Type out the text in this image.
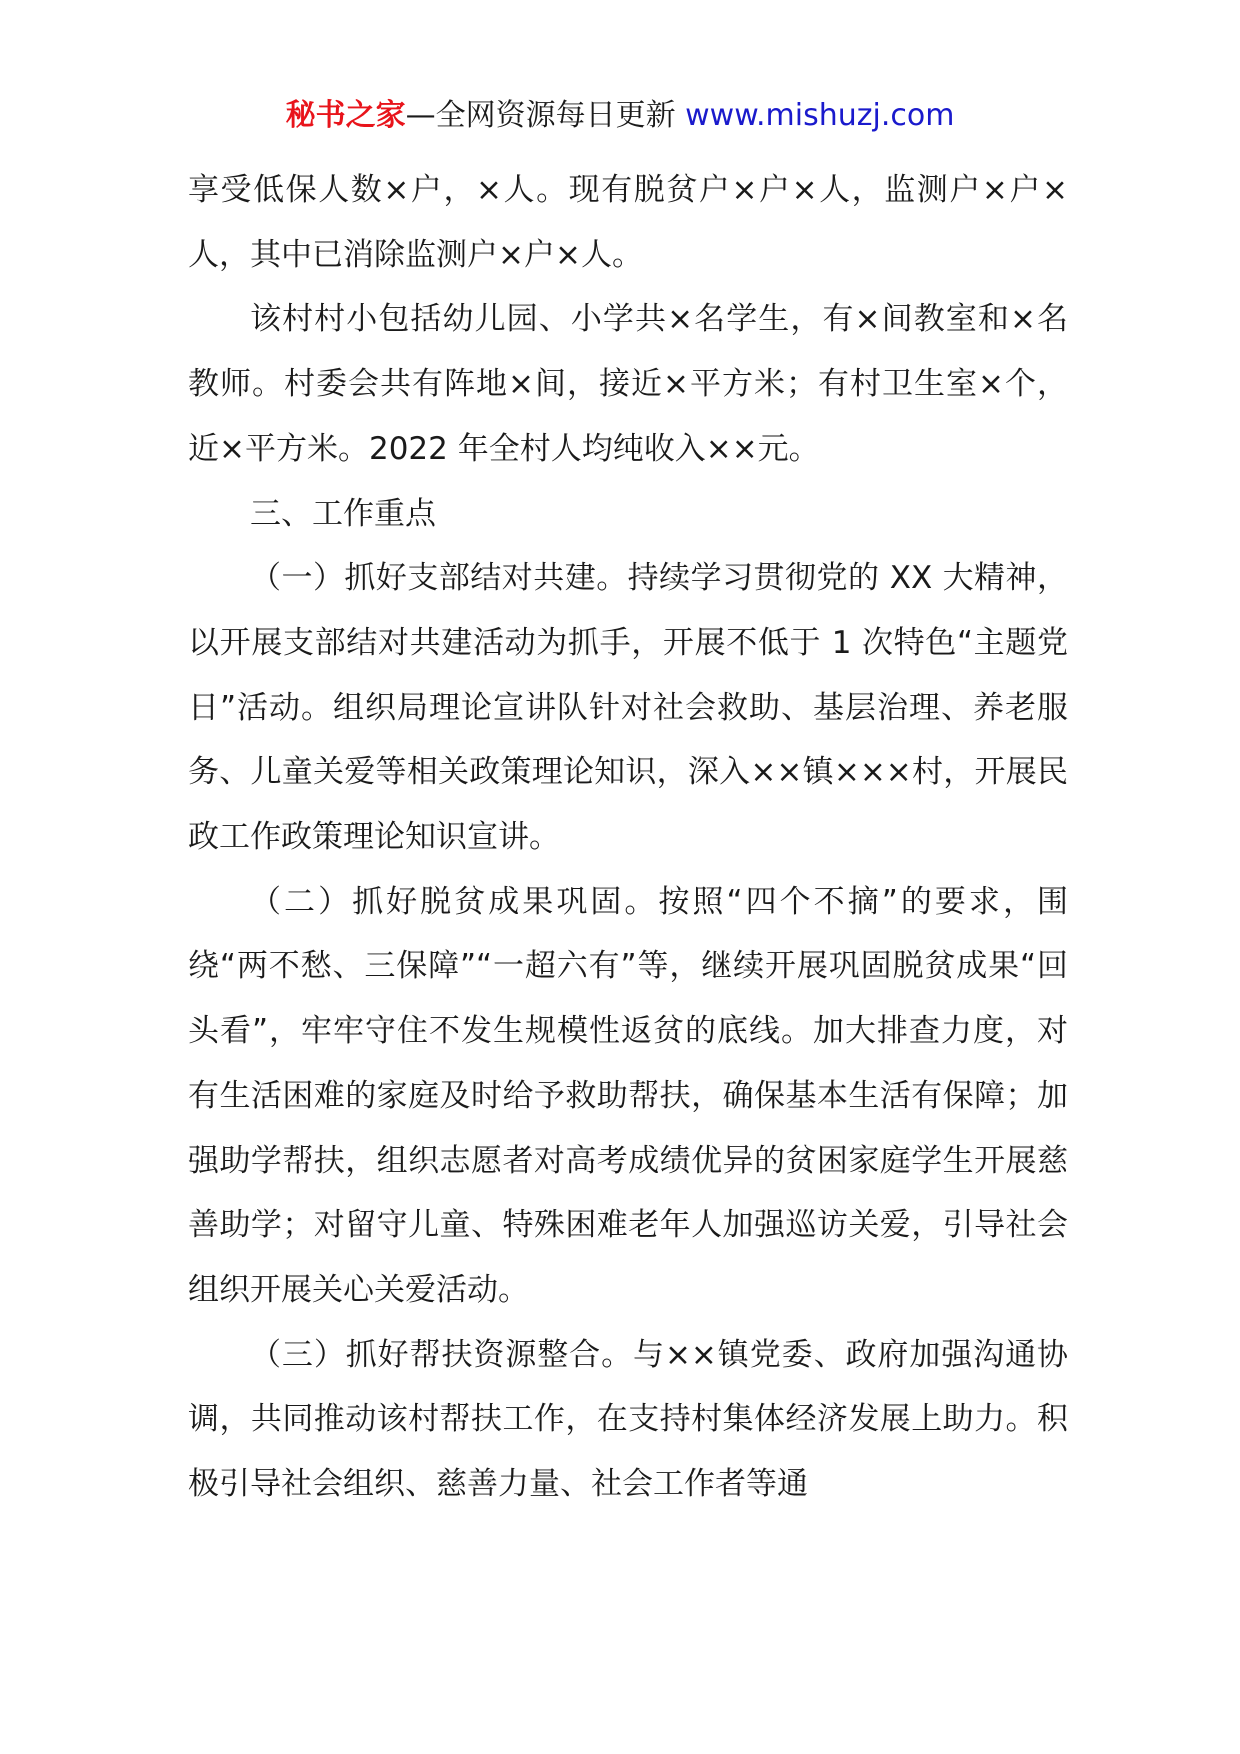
秘书之家—全网资源每日更新 www.mishuzj.com

享受低保人数×户，×人。现有脱贫户×户×人，监测户×户×人，其中已消除监测户×户×人。

该村村小包括幼儿园、小学共×名学生，有×间教室和×名教师。村委会共有阵地×间，接近×平方米；有村卫生室×个，近×平方米。2022 年全村人均纯收入××元。

三、工作重点

（一）抓好支部结对共建。持续学习贯彻党的 XX 大精神，以开展支部结对共建活动为抓手，开展不低于 1 次特色“主题党日”活动。组织局理论宣讲队针对社会救助、基层治理、养老服务、儿童关爱等相关政策理论知识，深入××镇×××村，开展民政工作政策理论知识宣讲。

（二）抓好脱贫成果巩固。按照“四个不摘”的要求，围绕“两不愁、三保障”“一超六有”等，继续开展巩固脱贫成果“回头看”，牢牢守住不发生规模性返贫的底线。加大排查力度，对有生活困难的家庭及时给予救助帮扶，确保基本生活有保障；加强助学帮扶，组织志愿者对高考成绩优异的贫困家庭学生开展慈善助学；对留守儿童、特殊困难老年人加强巡访关爱，引导社会组织开展关心关爱活动。

（三）抓好帮扶资源整合。与××镇党委、政府加强沟通协调，共同推动该村帮扶工作，在支持村集体经济发展上助力。积极引导社会组织、慈善力量、社会工作者等通
